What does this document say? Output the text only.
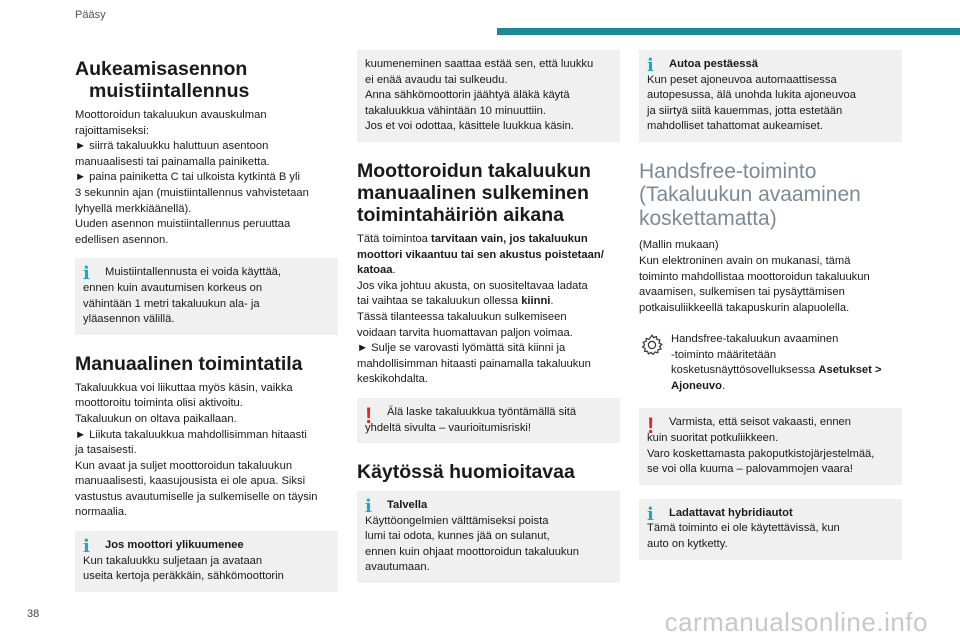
Pääsy
Aukeamisasennon
muistiintallennus

Moottoroidun takaluukun avauskulman
rajoittamiseksi:
► siirrä takaluukku haluttuun asentoon
manuaalisesti tai painamalla painiketta.
► paina painiketta C tai ulkoista kytkintä B yli
3 sekunnin ajan (muistiintallennus vahvistetaan
lyhyellä merkkiäänellä).
Uuden asennon muistiintallennus peruuttaa
edellisen asennon.

i	Muistiintallennusta ei voida käyttää,
ennen kuin avautumisen korkeus on
vähintään 1 metri takaluukun ala- ja
yläasennon välillä.
Manuaalinen toimintatila

Takaluukkua voi liikuttaa myös käsin, vaikka
moottoroitu toiminta olisi aktivoitu.
Takaluukun on oltava paikallaan.
► Liikuta takaluukkua mahdollisimman hitaasti
ja tasaisesti.
Kun avaat ja suljet moottoroidun takaluukun
manuaalisesti, kaasujousista ei ole apua. Siksi
vastustus avautumiselle ja sulkemiselle on täysin
normaalia.

i	Jos moottori ylikuumenee
Kun takaluukku suljetaan ja avataan
useita kertoja peräkkäin, sähkömoottorin
kuumeneminen saattaa estää sen, että luukku
ei enää avaudu tai sulkeudu.
Anna sähkömoottorin jäähtyä äläkä käytä
takaluukkua vähintään 10 minuuttiin.
Jos et voi odottaa, käsittele luukkua käsin.
Moottoroidun takaluukun manuaalinen sulkeminen toimintahäiriön aikana

Tätä toimintoa tarvitaan vain, jos takaluukun moottori vikaantuu tai sen akustus poistetaan/ katoaa.
Jos vika johtuu akusta, on suositeltavaa ladata
tai vaihtaa se takaluukun ollessa kiinni.
Tässä tilanteessa takaluukun sulkemiseen
voidaan tarvita huomattavan paljon voimaa.
► Sulje se varovasti lyömättä sitä kiinni ja
mahdollisimman hitaasti painamalla takaluukun
keskikohdalta.

!	Älä laske takaluukkua työntämällä sitä
yhdeltä sivulta – vaurioitumisriski!
Käytössä huomioitavaa
i	Talvella
Käyttöongelmien välttämiseksi poista
lumi tai odota, kunnes jää on sulanut,
ennen kuin ohjaat moottoroidun takaluukun
avautumaan.
i	Autoa pestäessä
Kun peset ajoneuvoa automaattisessa
autopesussa, älä unohda lukita ajoneuvoa
ja siirtyä siitä kauemmas, jotta estetään
mahdolliset tahattomat aukeamiset.
Handsfree-toiminto (Takaluukun avaaminen koskettamatta)

(Mallin mukaan)
Kun elektroninen avain on mukanasi, tämä
toiminto mahdollistaa moottoroidun takaluukun
avaamisen, sulkemisen tai pysäyttämisen
potkaisuliikkeellä takapuskurin alapuolella.

Handsfree-takaluukun avaaminen
-toiminto määritetään
kosketusnäyttösovelluksessa Asetukset > Ajoneuvo.

!	Varmista, että seisot vakaasti, ennen
kuin suoritat potkuliikkeen.
Varo koskettamasta pakoputkistojärjestelmää,
se voi olla kuuma – palovammojen vaara!
i	Ladattavat hybridiautot
Tämä toiminto ei ole käytettävissä, kun
auto on kytketty.
38	carmanualsonline.info
